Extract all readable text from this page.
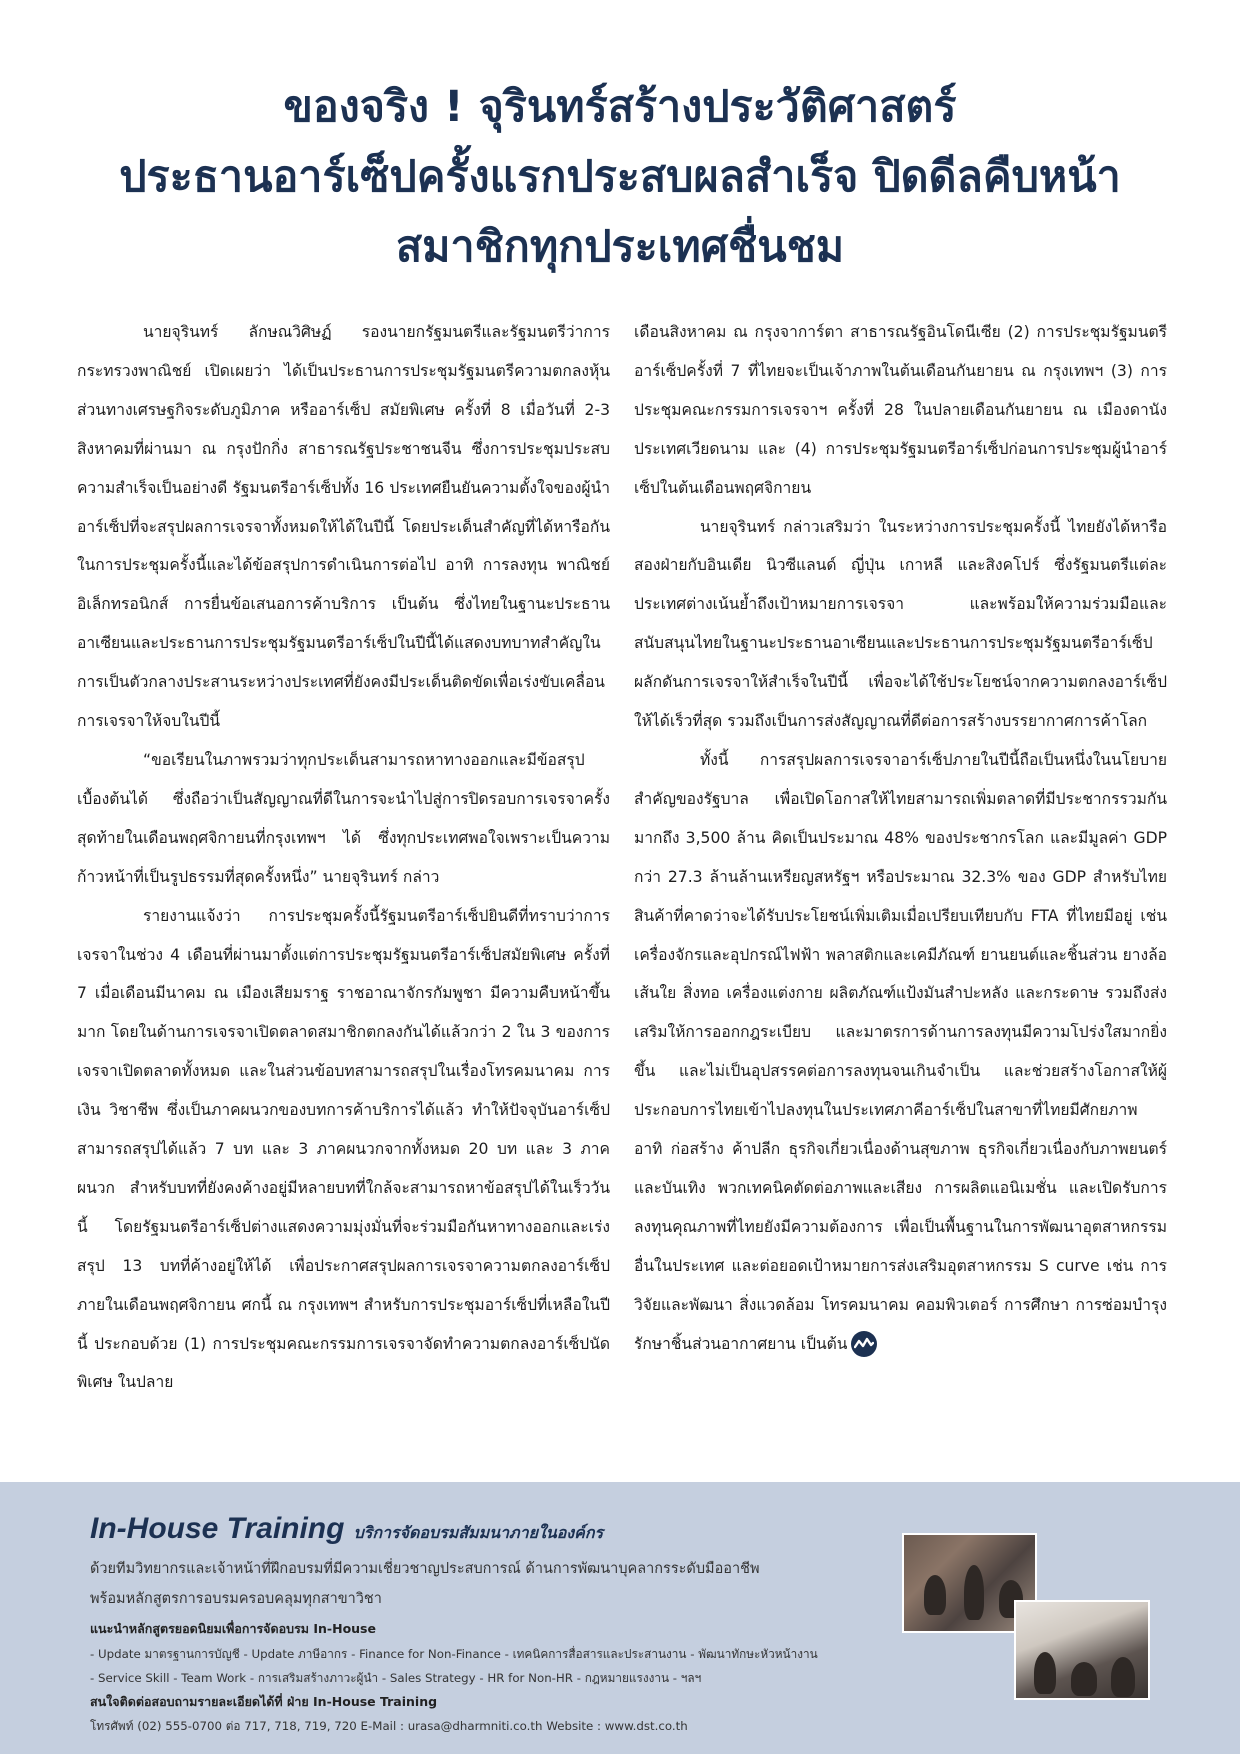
ของจริง ! จุรินทร์สร้างประวัติศาสตร์
ประธานอาร์เซ็ปครั้งแรกประสบผลสำเร็จ ปิดดีลคืบหน้า
สมาชิกทุกประเทศชื่นชม

นายจุรินทร์ ลักษณวิศิษฏ์ รองนายกรัฐมนตรีและรัฐมนตรีว่าการกระทรวงพาณิชย์ เปิดเผยว่า ได้เป็นประธานการประชุมรัฐมนตรีความตกลงหุ้นส่วนทางเศรษฐกิจระดับภูมิภาค หรืออาร์เซ็ป สมัยพิเศษ ครั้งที่ 8 เมื่อวันที่ 2-3 สิงหาคมที่ผ่านมา ณ กรุงปักกิ่ง สาธารณรัฐประชาชนจีน ซึ่งการประชุมประสบความสำเร็จเป็นอย่างดี รัฐมนตรีอาร์เซ็ปทั้ง 16 ประเทศยืนยันความตั้งใจของผู้นำอาร์เซ็ปที่จะสรุปผลการเจรจาทั้งหมดให้ได้ในปีนี้ โดยประเด็นสำคัญที่ได้หารือกันในการประชุมครั้งนี้และได้ข้อสรุปการดำเนินการต่อไป อาทิ การลงทุน พาณิชย์อิเล็กทรอนิกส์ การยื่นข้อเสนอการค้าบริการ เป็นต้น ซึ่งไทยในฐานะประธานอาเซียนและประธานการประชุมรัฐมนตรีอาร์เซ็ปในปีนี้ได้แสดงบทบาทสำคัญในการเป็นตัวกลางประสานระหว่างประเทศที่ยังคงมีประเด็นติดขัดเพื่อเร่งขับเคลื่อนการเจรจาให้จบในปีนี้

“ขอเรียนในภาพรวมว่าทุกประเด็นสามารถหาทางออกและมีข้อสรุปเบื้องต้นได้ ซึ่งถือว่าเป็นสัญญาณที่ดีในการจะนำไปสู่การปิดรอบการเจรจาครั้งสุดท้ายในเดือนพฤศจิกายนที่กรุงเทพฯ ได้ ซึ่งทุกประเทศพอใจเพราะเป็นความก้าวหน้าที่เป็นรูปธรรมที่สุดครั้งหนึ่ง” นายจุรินทร์ กล่าว

รายงานแจ้งว่า การประชุมครั้งนี้รัฐมนตรีอาร์เซ็ปยินดีที่ทราบว่าการเจรจาในช่วง 4 เดือนที่ผ่านมาตั้งแต่การประชุมรัฐมนตรีอาร์เซ็ปสมัยพิเศษ ครั้งที่ 7 เมื่อเดือนมีนาคม ณ เมืองเสียมราฐ ราชอาณาจักรกัมพูชา มีความคืบหน้าขึ้นมาก โดยในด้านการเจรจาเปิดตลาดสมาชิกตกลงกันได้แล้วกว่า 2 ใน 3 ของการเจรจาเปิดตลาดทั้งหมด และในส่วนข้อบทสามารถสรุปในเรื่องโทรคมนาคม การเงิน วิชาชีพ ซึ่งเป็นภาคผนวกของบทการค้าบริการได้แล้ว ทำให้ปัจจุบันอาร์เซ็ปสามารถสรุปได้แล้ว 7 บท และ 3 ภาคผนวกจากทั้งหมด 20 บท และ 3 ภาคผนวก สำหรับบทที่ยังคงค้างอยู่มีหลายบทที่ใกล้จะสามารถหาข้อสรุปได้ในเร็ววันนี้ โดยรัฐมนตรีอาร์เซ็ปต่างแสดงความมุ่งมั่นที่จะร่วมมือกันหาทางออกและเร่งสรุป 13 บทที่ค้างอยู่ให้ได้ เพื่อประกาศสรุปผลการเจรจาความตกลงอาร์เซ็ปภายในเดือนพฤศจิกายน ศกนี้ ณ กรุงเทพฯ สำหรับการประชุมอาร์เซ็ปที่เหลือในปีนี้ ประกอบด้วย (1) การประชุมคณะกรรมการเจรจาจัดทำความตกลงอาร์เซ็ปนัดพิเศษ ในปลาย

เดือนสิงหาคม ณ กรุงจาการ์ตา สาธารณรัฐอินโดนีเซีย (2) การประชุมรัฐมนตรีอาร์เซ็ปครั้งที่ 7 ที่ไทยจะเป็นเจ้าภาพในต้นเดือนกันยายน ณ กรุงเทพฯ (3) การประชุมคณะกรรมการเจรจาฯ ครั้งที่ 28 ในปลายเดือนกันยายน ณ เมืองดานัง ประเทศเวียดนาม และ (4) การประชุมรัฐมนตรีอาร์เซ็ปก่อนการประชุมผู้นำอาร์เซ็ปในต้นเดือนพฤศจิกายน

นายจุรินทร์ กล่าวเสริมว่า ในระหว่างการประชุมครั้งนี้ ไทยยังได้หารือสองฝ่ายกับอินเดีย นิวซีแลนด์ ญี่ปุ่น เกาหลี และสิงคโปร์ ซึ่งรัฐมนตรีแต่ละประเทศต่างเน้นย้ำถึงเป้าหมายการเจรจา และพร้อมให้ความร่วมมือและสนับสนุนไทยในฐานะประธานอาเซียนและประธานการประชุมรัฐมนตรีอาร์เซ็ปผลักดันการเจรจาให้สำเร็จในปีนี้ เพื่อจะได้ใช้ประโยชน์จากความตกลงอาร์เซ็ปให้ได้เร็วที่สุด รวมถึงเป็นการส่งสัญญาณที่ดีต่อการสร้างบรรยากาศการค้าโลก

ทั้งนี้ การสรุปผลการเจรจาอาร์เซ็ปภายในปีนี้ถือเป็นหนึ่งในนโยบายสำคัญของรัฐบาล เพื่อเปิดโอกาสให้ไทยสามารถเพิ่มตลาดที่มีประชากรรวมกันมากถึง 3,500 ล้าน คิดเป็นประมาณ 48% ของประชากรโลก และมีมูลค่า GDP กว่า 27.3 ล้านล้านเหรียญสหรัฐฯ หรือประมาณ 32.3% ของ GDP สำหรับไทยสินค้าที่คาดว่าจะได้รับประโยชน์เพิ่มเติมเมื่อเปรียบเทียบกับ FTA ที่ไทยมีอยู่ เช่น เครื่องจักรและอุปกรณ์ไฟฟ้า พลาสติกและเคมีภัณฑ์ ยานยนต์และชิ้นส่วน ยางล้อ เส้นใย สิ่งทอ เครื่องแต่งกาย ผลิตภัณฑ์แป้งมันสำปะหลัง และกระดาษ รวมถึงส่งเสริมให้การออกกฎระเบียบ และมาตรการด้านการลงทุนมีความโปร่งใสมากยิ่งขึ้น และไม่เป็นอุปสรรคต่อการลงทุนจนเกินจำเป็น และช่วยสร้างโอกาสให้ผู้ประกอบการไทยเข้าไปลงทุนในประเทศภาคีอาร์เซ็ปในสาขาที่ไทยมีศักยภาพ อาทิ ก่อสร้าง ค้าปลีก ธุรกิจเกี่ยวเนื่องด้านสุขภาพ ธุรกิจเกี่ยวเนื่องกับภาพยนตร์ และบันเทิง พวกเทคนิคตัดต่อภาพและเสียง การผลิตแอนิเมชั่น และเปิดรับการลงทุนคุณภาพที่ไทยยังมีความต้องการ เพื่อเป็นพื้นฐานในการพัฒนาอุตสาหกรรมอื่นในประเทศ และต่อยอดเป้าหมายการส่งเสริมอุตสาหกรรม S curve เช่น การวิจัยและพัฒนา สิ่งแวดล้อม โทรคมนาคม คอมพิวเตอร์ การศึกษา การซ่อมบำรุงรักษาชิ้นส่วนอากาศยาน เป็นต้น

In-House Training บริการจัดอบรมสัมมนาภายในองค์กร
ด้วยทีมวิทยากรและเจ้าหน้าที่ฝึกอบรมที่มีความเชี่ยวชาญประสบการณ์ ด้านการพัฒนาบุคลากรระดับมืออาชีพ
พร้อมหลักสูตรการอบรมครอบคลุมทุกสาขาวิชา
แนะนำหลักสูตรยอดนิยมเพื่อการจัดอบรม In-House
- Update มาตรฐานการบัญชี - Update ภาษีอากร - Finance for Non-Finance - เทคนิคการสื่อสารและประสานงาน - พัฒนาทักษะหัวหน้างาน
- Service Skill - Team Work - การเสริมสร้างภาวะผู้นำ - Sales Strategy - HR for Non-HR - กฎหมายแรงงาน - ฯลฯ
สนใจติดต่อสอบถามรายละเอียดได้ที่ ฝ่าย In-House Training
โทรศัพท์ (02) 555-0700 ต่อ 717, 718, 719, 720 E-Mail : urasa@dharmniti.co.th Website : www.dst.co.th
